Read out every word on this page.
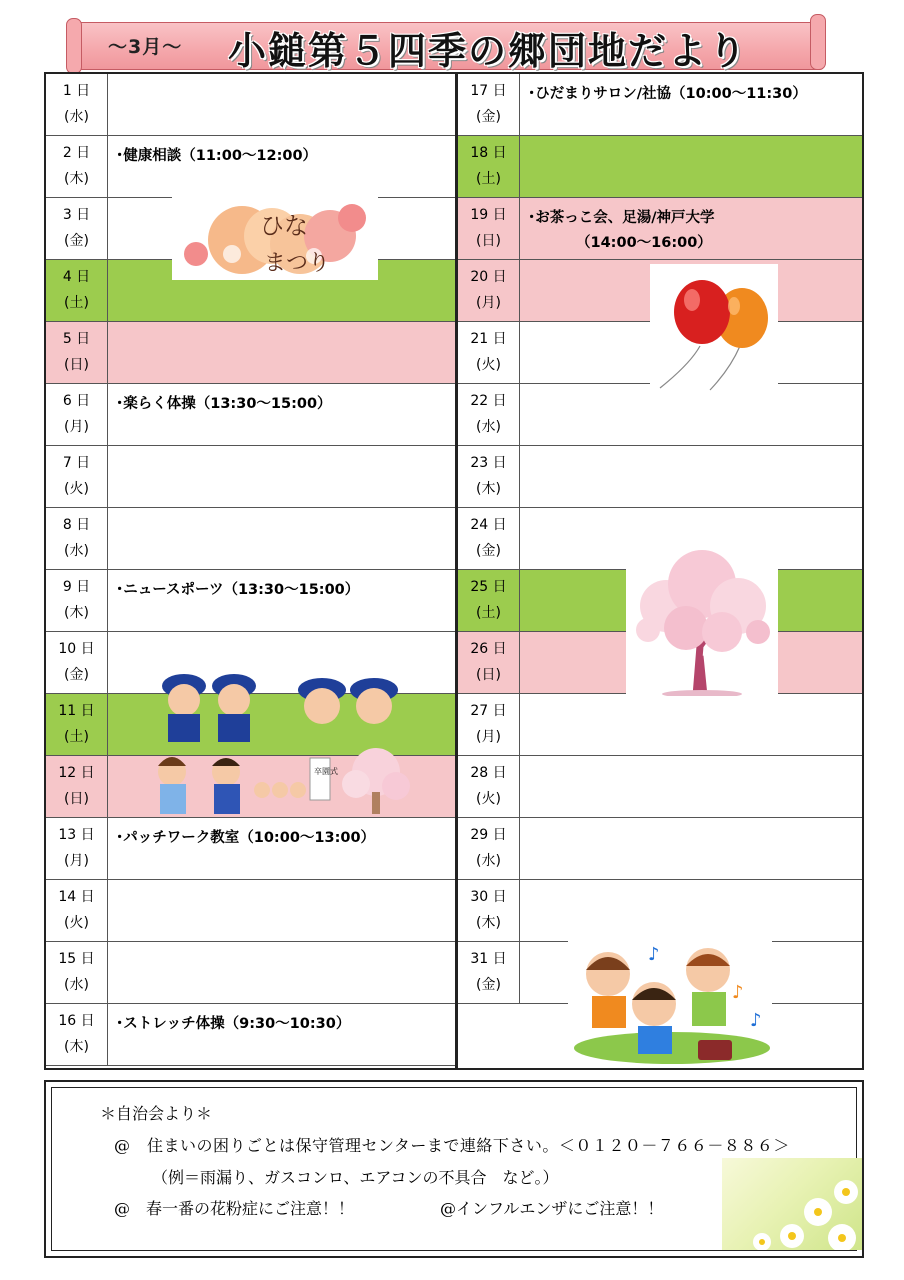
～3月～ 小鎚第５四季の郷団地だより
1 日
(水)
2 日
(木)
･健康相談（11:00～12:00）
3 日
(金)
4 日
(土)
5 日
(日)
6 日
(月)
･楽らく体操（13:30～15:00）
7 日
(火)
8 日
(水)
9 日
(木)
･ニュースポーツ（13:30～15:00）
10 日
(金)
11 日
(土)
12 日
(日)
13 日
(月)
･パッチワーク教室（10:00～13:00）
14 日
(火)
15 日
(水)
16 日
(木)
･ストレッチ体操（9:30～10:30）
17 日
(金)
･ひだまりサロン/社協（10:00～11:30）
18 日
(土)
19 日
(日)
･お茶っこ会、足湯/神戸大学
（14:00～16:00）
20 日
(月)
21 日
(火)
22 日
(水)
23 日
(木)
24 日
(金)
25 日
(土)
26 日
(日)
27 日
(月)
28 日
(火)
29 日
(水)
30 日
(木)
31 日
(金)
ひな
まつり
卒園式
♪
♪
♪
＊自治会より＊
@　住まいの困りごとは保守管理センターまで連絡下さい。＜０１２０－７６６－８８６＞
（例＝雨漏り、ガスコンロ、エアコンの不具合　など。）
@　春一番の花粉症にご注意！！	@インフルエンザにご注意！！
